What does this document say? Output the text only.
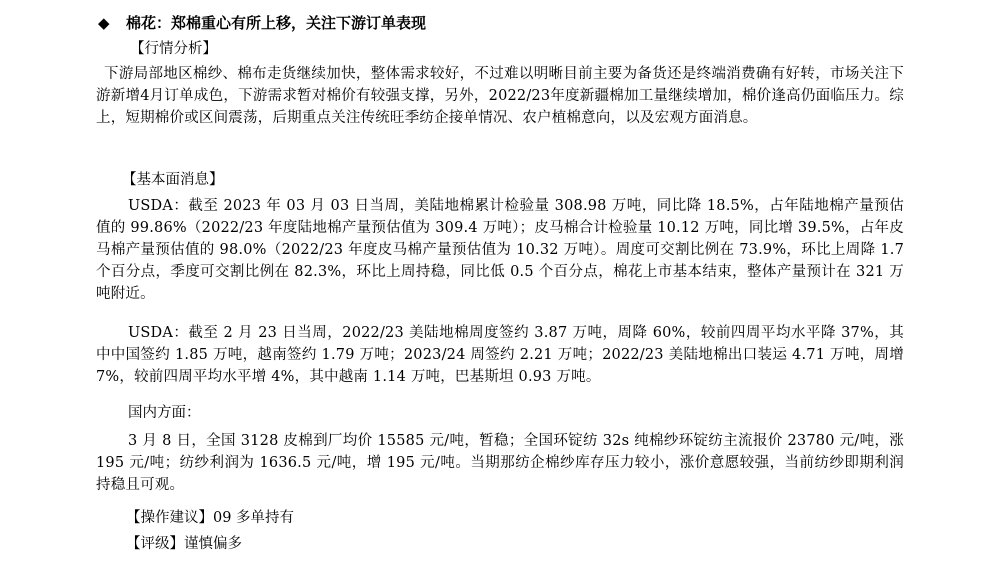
◆ 棉花：郑棉重心有所上移，关注下游订单表现
【行情分析】
下游局部地区棉纱、棉布走货继续加快，整体需求较好，不过难以明晰目前主要为备货还是终端消费确有好转，市场关注下游新增4月订单成色，下游需求暂对棉价有较强支撑，另外，2022/23年度新疆棉加工量继续增加，棉价逢高仍面临压力。综上，短期棉价或区间震荡，后期重点关注传统旺季纺企接单情况、农户植棉意向，以及宏观方面消息。
【基本面消息】
USDA：截至 2023 年 03 月 03 日当周，美陆地棉累计检验量 308.98 万吨，同比降 18.5%，占年陆地棉产量预估值的 99.86%（2022/23 年度陆地棉产量预估值为 309.4 万吨）；皮马棉合计检验量 10.12 万吨，同比增 39.5%，占年皮马棉产量预估值的 98.0%（2022/23 年度皮马棉产量预估值为 10.32 万吨）。周度可交割比例在 73.9%，环比上周降 1.7 个百分点，季度可交割比例在 82.3%，环比上周持稳，同比低 0.5 个百分点，棉花上市基本结束，整体产量预计在 321 万吨附近。
USDA：截至 2 月 23 日当周，2022/23 美陆地棉周度签约 3.87 万吨，周降 60%，较前四周平均水平降 37%，其中中国签约 1.85 万吨，越南签约 1.79 万吨；2023/24 周签约 2.21 万吨；2022/23 美陆地棉出口装运 4.71 万吨，周增 7%，较前四周平均水平增 4%，其中越南 1.14 万吨，巴基斯坦 0.93 万吨。
国内方面：
3 月 8 日，全国 3128 皮棉到厂均价 15585 元/吨，暂稳；全国环锭纺 32s 纯棉纱环锭纺主流报价 23780 元/吨，涨 195 元/吨；纺纱利润为 1636.5 元/吨，增 195 元/吨。当期那纺企棉纱库存压力较小，涨价意愿较强，当前纺纱即期利润持稳且可观。
【操作建议】09 多单持有
【评级】谨慎偏多
